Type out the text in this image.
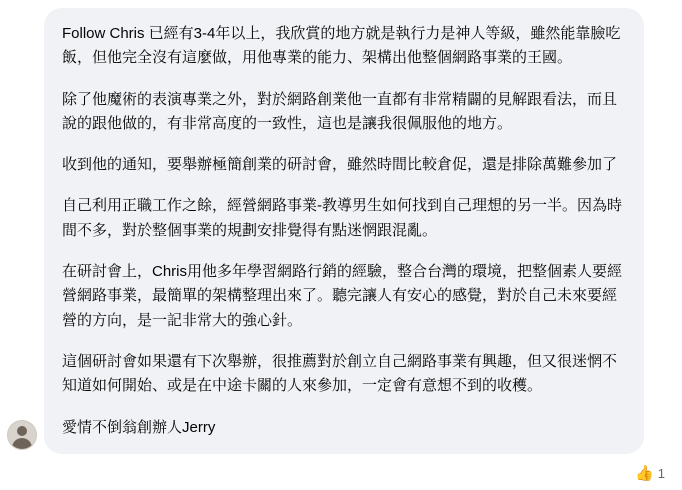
Follow Chris 已經有3-4年以上，我欣賞的地方就是執行力是神人等級，雖然能靠臉吃飯，但他完全沒有這麼做，用他專業的能力、架構出他整個網路事業的王國。

除了他魔術的表演專業之外，對於網路創業他一直都有非常精闢的見解跟看法，而且說的跟他做的，有非常高度的一致性，這也是讓我很佩服他的地方。

收到他的通知，要舉辦極簡創業的研討會，雖然時間比較倉促，還是排除萬難參加了

自己利用正職工作之餘，經營網路事業-教導男生如何找到自己理想的另一半。因為時間不多，對於整個事業的規劃安排覺得有點迷惘跟混亂。

在研討會上，Chris用他多年學習網路行銷的經驗，整合台灣的環境，把整個素人要經營網路事業，最簡單的架構整理出來了。聽完讓人有安心的感覺，對於自己未來要經營的方向，是一記非常大的強心針。

這個研討會如果還有下次舉辦，很推薦對於創立自己網路事業有興趣，但又很迷惘不知道如何開始、或是在中途卡關的人來參加，一定會有意想不到的收穫。

愛情不倒翁創辦人Jerry

👍 1
